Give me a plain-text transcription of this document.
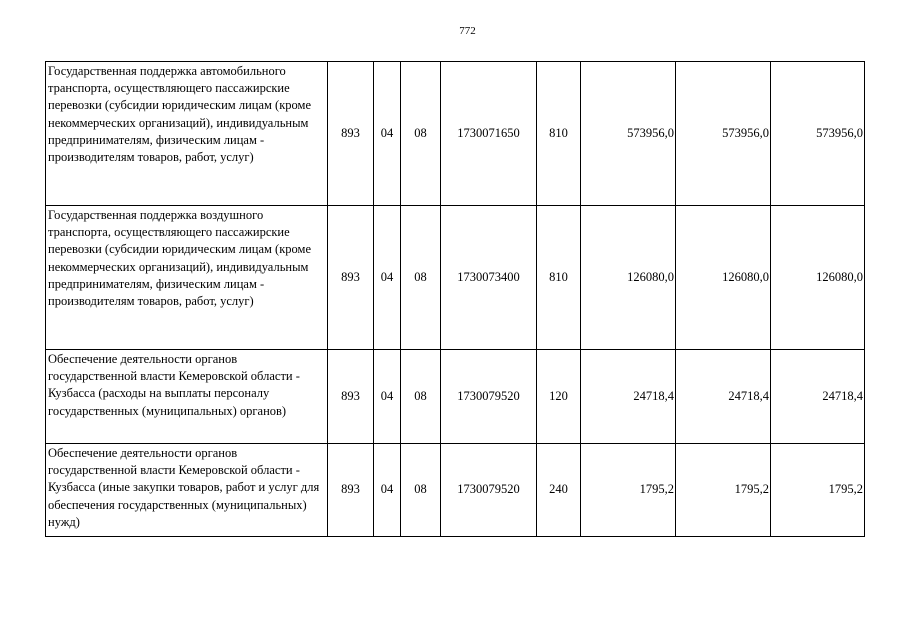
772
Государственная поддержка автомобильного транспорта, осуществляющего пассажирские перевозки (субсидии юридическим лицам (кроме некоммерческих организаций), индивидуальным предпринимателям, физическим лицам - производителям товаров, работ, услуг)	893	04	08	1730071650	810	573956,0	573956,0	573956,0
Государственная поддержка воздушного транспорта, осуществляющего пассажирские перевозки (субсидии юридическим лицам (кроме некоммерческих организаций), индивидуальным предпринимателям, физическим лицам - производителям товаров, работ, услуг)	893	04	08	1730073400	810	126080,0	126080,0	126080,0
Обеспечение деятельности органов государственной власти Кемеровской области - Кузбасса (расходы на выплаты персоналу государственных (муниципальных) органов)	893	04	08	1730079520	120	24718,4	24718,4	24718,4
Обеспечение деятельности органов государственной власти Кемеровской области - Кузбасса (иные закупки товаров, работ и услуг для обеспечения государственных (муниципальных) нужд)	893	04	08	1730079520	240	1795,2	1795,2	1795,2
